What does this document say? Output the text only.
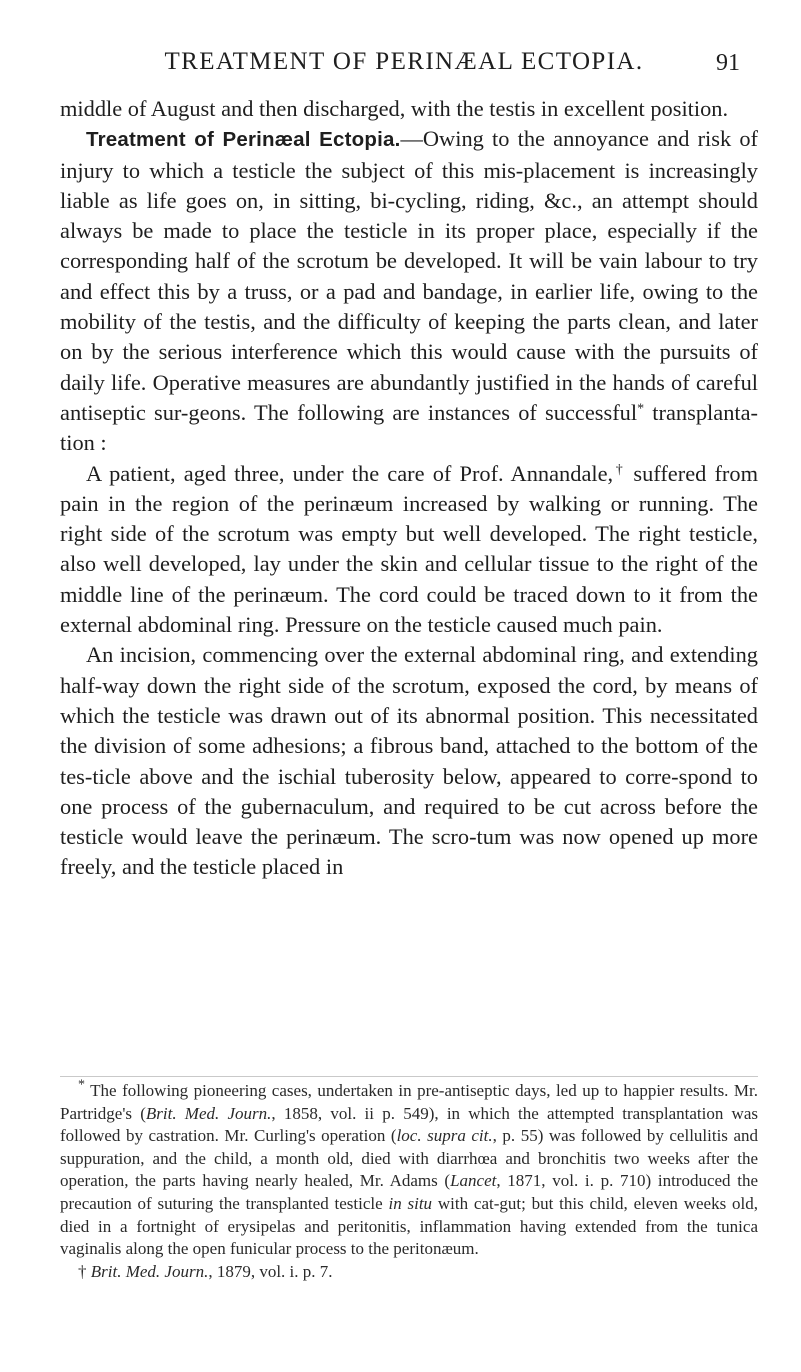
TREATMENT OF PERINÆAL ECTOPIA.	91

middle of August and then discharged, with the testis in excellent position.

Treatment of Perinæal Ectopia.—Owing to the annoyance and risk of injury to which a testicle the subject of this mis-placement is increasingly liable as life goes on, in sitting, bi-cycling, riding, &c., an attempt should always be made to place the testicle in its proper place, especially if the corresponding half of the scrotum be developed. It will be vain labour to try and effect this by a truss, or a pad and bandage, in earlier life, owing to the mobility of the testis, and the difficulty of keeping the parts clean, and later on by the serious interference which this would cause with the pursuits of daily life. Operative measures are abundantly justified in the hands of careful antiseptic sur-geons. The following are instances of successful* transplanta-tion :

A patient, aged three, under the care of Prof. Annandale,† suffered from pain in the region of the perinæum increased by walking or running. The right side of the scrotum was empty but well developed. The right testicle, also well developed, lay under the skin and cellular tissue to the right of the middle line of the perinæum. The cord could be traced down to it from the external abdominal ring. Pressure on the testicle caused much pain.

An incision, commencing over the external abdominal ring, and extending half-way down the right side of the scrotum, exposed the cord, by means of which the testicle was drawn out of its abnormal position. This necessitated the division of some adhesions; a fibrous band, attached to the bottom of the tes-ticle above and the ischial tuberosity below, appeared to corre-spond to one process of the gubernaculum, and required to be cut across before the testicle would leave the perinæum. The scro-tum was now opened up more freely, and the testicle placed in

* The following pioneering cases, undertaken in pre-antiseptic days, led up to happier results. Mr. Partridge's (Brit. Med. Journ., 1858, vol. ii p. 549), in which the attempted transplantation was followed by castration. Mr. Curling's operation (loc. supra cit., p. 55) was followed by cellulitis and suppuration, and the child, a month old, died with diarrhœa and bronchitis two weeks after the operation, the parts having nearly healed, Mr. Adams (Lancet, 1871, vol. i. p. 710) introduced the precaution of suturing the transplanted testicle in situ with cat-gut; but this child, eleven weeks old, died in a fortnight of erysipelas and peritonitis, inflammation having extended from the tunica vaginalis along the open funicular process to the peritonæum.

† Brit. Med. Journ., 1879, vol. i. p. 7.
